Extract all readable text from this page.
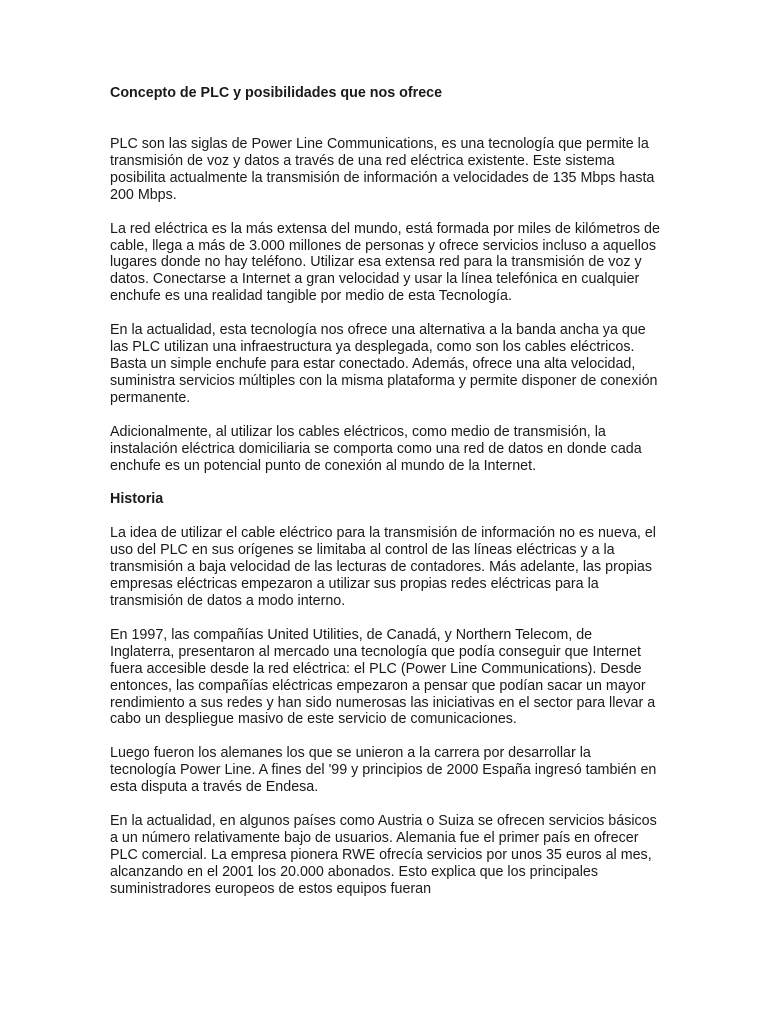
Concepto de PLC y posibilidades que nos ofrece

PLC son las siglas de Power Line Communications, es una tecnología que permite la transmisión de voz y datos a través de una red eléctrica existente. Este sistema posibilita actualmente la transmisión de información a velocidades de 135 Mbps hasta 200 Mbps.

La red eléctrica es la más extensa del mundo, está formada por miles de kilómetros de cable, llega a más de 3.000 millones de personas y ofrece servicios incluso a aquellos lugares donde no hay teléfono. Utilizar esa extensa red para la transmisión de voz y datos. Conectarse a Internet a gran velocidad y usar la línea telefónica en cualquier enchufe es una realidad tangible por medio de esta Tecnología.

En la actualidad, esta tecnología nos ofrece una alternativa a la banda ancha ya que las PLC utilizan una infraestructura ya desplegada, como son los cables eléctricos. Basta un simple enchufe para estar conectado. Además, ofrece una alta velocidad, suministra servicios múltiples con la misma plataforma y permite disponer de conexión permanente.

Adicionalmente, al utilizar los cables eléctricos, como medio de transmisión, la instalación eléctrica domiciliaria se comporta como una red de datos en donde cada enchufe es un potencial punto de conexión al mundo de la Internet.

Historia

La idea de utilizar el cable eléctrico para la transmisión de información no es nueva, el uso del PLC en sus orígenes se limitaba al control de las líneas eléctricas y a la transmisión a baja velocidad de las lecturas de contadores. Más adelante, las propias empresas eléctricas empezaron a utilizar sus propias redes eléctricas para la transmisión de datos a modo interno.

En 1997, las compañías United Utilities, de Canadá, y Northern Telecom, de Inglaterra, presentaron al mercado una tecnología que podía conseguir que Internet fuera accesible desde la red eléctrica: el PLC (Power Line Communications). Desde entonces, las compañías eléctricas empezaron a pensar que podían sacar un mayor rendimiento a sus redes y han sido numerosas las iniciativas en el sector para llevar a cabo un despliegue masivo de este servicio de comunicaciones.

Luego fueron los alemanes los que se unieron a la carrera por desarrollar la tecnología Power Line. A fines del '99 y principios de 2000 España ingresó también en esta disputa a través de Endesa.

En la actualidad, en algunos países como Austria o Suiza se ofrecen servicios básicos a un número relativamente bajo de usuarios. Alemania fue el primer país en ofrecer PLC comercial. La empresa pionera RWE ofrecía servicios por unos 35 euros al mes, alcanzando en el 2001 los 20.000 abonados. Esto explica que los principales suministradores europeos de estos equipos fueran
